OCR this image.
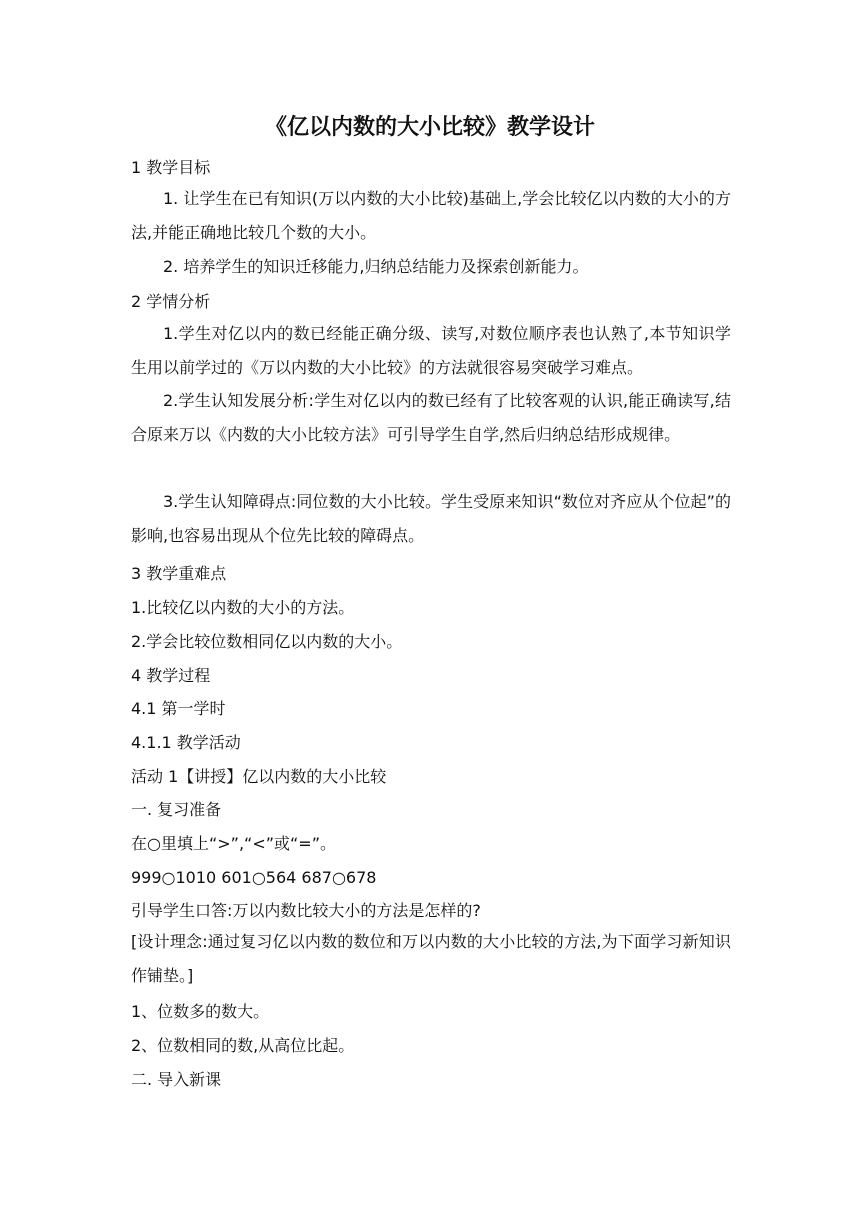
《亿以内数的大小比较》教学设计
1 教学目标
1. 让学生在已有知识(万以内数的大小比较)基础上,学会比较亿以内数的大小的方法,并能正确地比较几个数的大小。
2. 培养学生的知识迁移能力,归纳总结能力及探索创新能力。
2 学情分析
1.学生对亿以内的数已经能正确分级、读写,对数位顺序表也认熟了,本节知识学生用以前学过的《万以内数的大小比较》的方法就很容易突破学习难点。
2.学生认知发展分析:学生对亿以内的数已经有了比较客观的认识,能正确读写,结合原来万以《内数的大小比较方法》可引导学生自学,然后归纳总结形成规律。
3.学生认知障碍点:同位数的大小比较。学生受原来知识“数位对齐应从个位起”的影响,也容易出现从个位先比较的障碍点。
3 教学重难点
1.比较亿以内数的大小的方法。
2.学会比较位数相同亿以内数的大小。
4 教学过程
4.1 第一学时
4.1.1 教学活动
活动 1【讲授】亿以内数的大小比较
一. 复习准备
在○里填上“>”,“<”或“=”。
999○1010 601○564 687○678
引导学生口答:万以内数比较大小的方法是怎样的?
[设计理念:通过复习亿以内数的数位和万以内数的大小比较的方法,为下面学习新知识作铺垫。]
1、位数多的数大。
2、位数相同的数,从高位比起。
二. 导入新课
